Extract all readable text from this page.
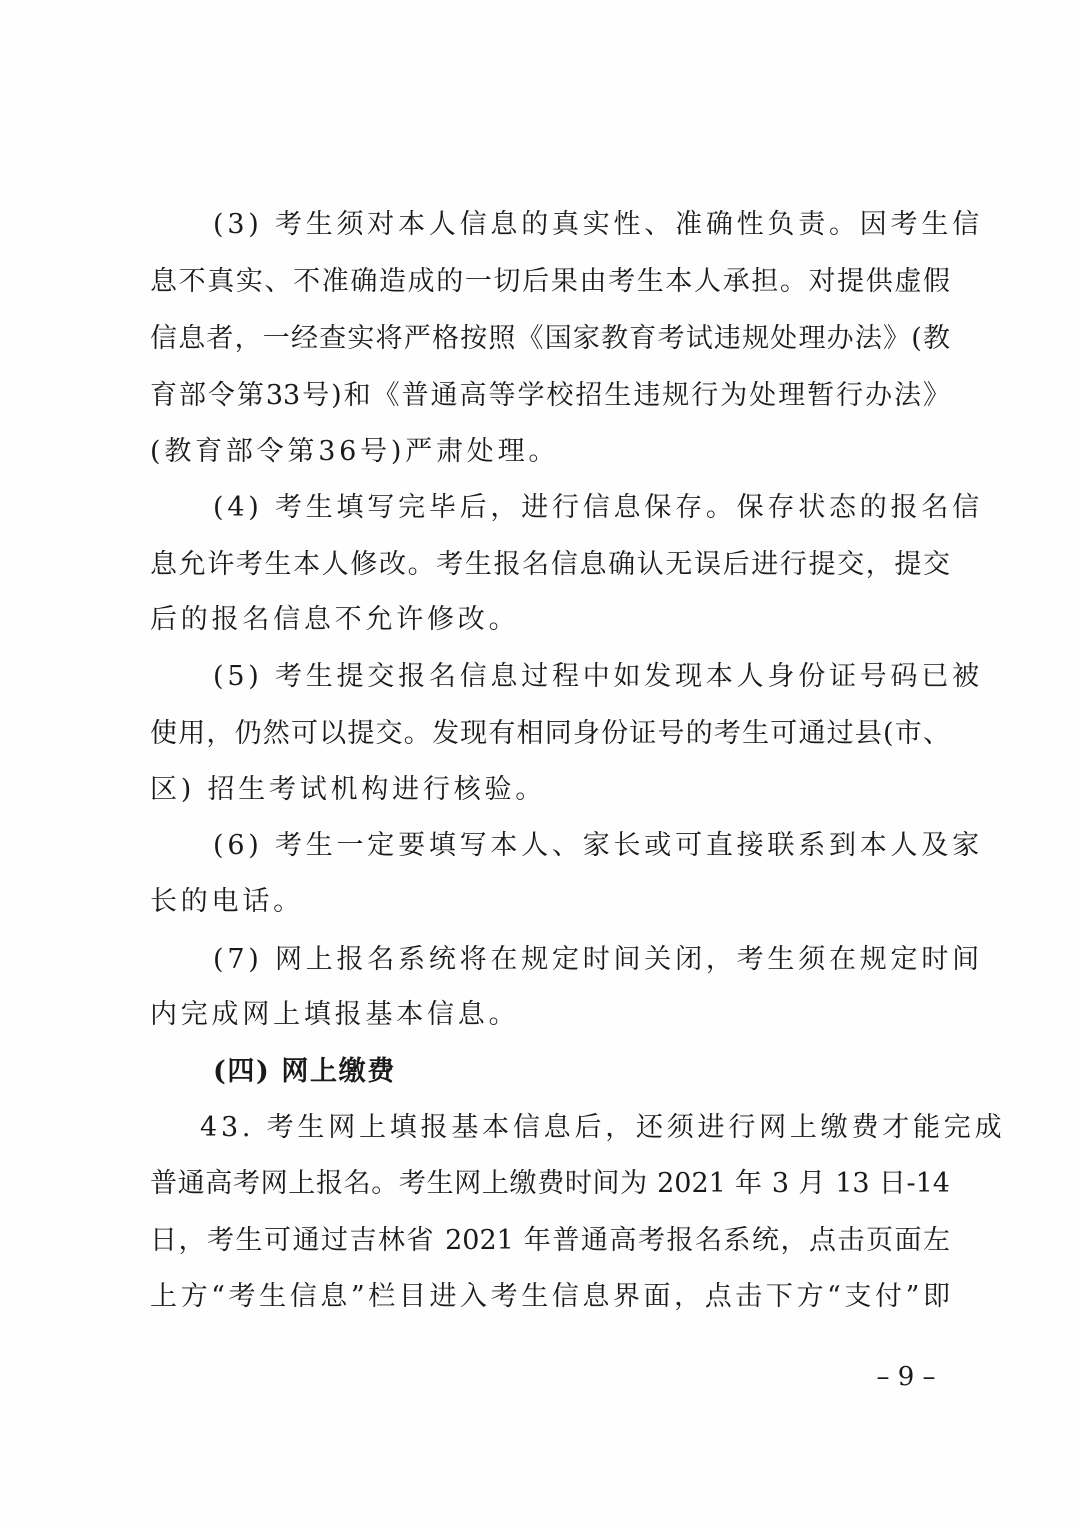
(3) 考生须对本人信息的真实性、准确性负责。因考生信
息不真实、不准确造成的一切后果由考生本人承担。对提供虚假
信息者，一经查实将严格按照《国家教育考试违规处理办法》(教
育部令第33号)和《普通高等学校招生违规行为处理暂行办法》
(教育部令第36号)严肃处理。
(4) 考生填写完毕后，进行信息保存。保存状态的报名信
息允许考生本人修改。考生报名信息确认无误后进行提交，提交
后的报名信息不允许修改。
(5) 考生提交报名信息过程中如发现本人身份证号码已被
使用，仍然可以提交。发现有相同身份证号的考生可通过县(市、
区) 招生考试机构进行核验。
(6) 考生一定要填写本人、家长或可直接联系到本人及家
长的电话。
(7) 网上报名系统将在规定时间关闭，考生须在规定时间
内完成网上填报基本信息。
(四) 网上缴费
43. 考生网上填报基本信息后，还须进行网上缴费才能完成
普通高考网上报名。考生网上缴费时间为 2021 年 3 月 13 日-14
日，考生可通过吉林省 2021 年普通高考报名系统，点击页面左
上方“考生信息”栏目进入考生信息界面，点击下方“支付”即
– 9 –
